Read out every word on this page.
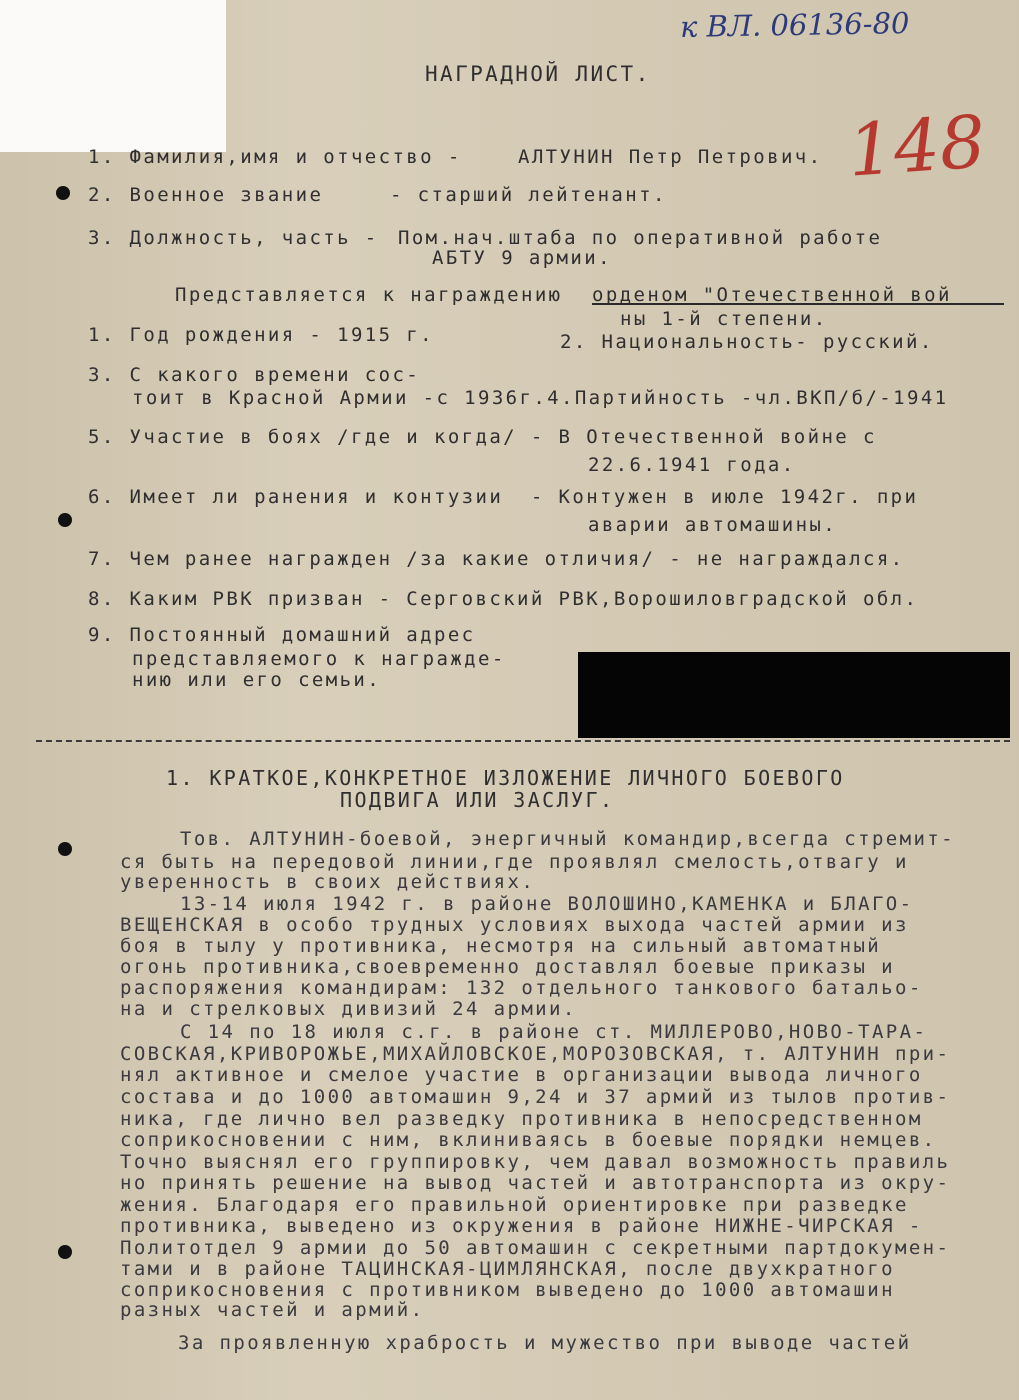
к ВЛ. 06136-80
148
НАГРАДНОЙ ЛИСТ.
1. Фамилия,имя и отчество -	АЛТУНИН Петр Петрович.
2. Военное звание	- старший лейтенант.
3. Должность, часть - Пом.нач.штаба по оперативной работе
АБТУ 9 армии.
Представляется к награждению орденом "Отечественной вой
ны 1-й степени.
1. Год рождения - 1915 г.	2. Национальность- русский.
3. С какого времени сос-
тоит в Красной Армии -с 1936г.4.Партийность -чл.ВКП/б/-1941
5. Участие в боях /где и когда/ - В Отечественной войне с
22.6.1941 года.
6. Имеет ли ранения и контузии  - Контужен в июле 1942г. при
аварии автомашины.
7. Чем ранее награжден /за какие отличия/ - не награждался.
8. Каким РВК призван - Серговский РВК,Ворошиловградской обл.
9. Постоянный домашний адрес
представляемого к награжде-
нию или его семьи.
1. КРАТКОЕ,КОНКРЕТНОЕ ИЗЛОЖЕНИЕ ЛИЧНОГО БОЕВОГО
ПОДВИГА ИЛИ ЗАСЛУГ.
Тов. АЛТУНИН-боевой, энергичный командир,всегда стремит-
ся быть на передовой линии,где проявлял смелость,отвагу и
уверенность в своих действиях.
13-14 июля 1942 г. в районе ВОЛОШИНО,КАМЕНКА и БЛАГО-
ВЕЩЕНСКАЯ в особо трудных условиях выхода частей армии из
боя в тылу у противника, несмотря на сильный автоматный
огонь противника,своевременно доставлял боевые приказы и
распоряжения командирам: 132 отдельного танкового батальо-
на и стрелковых дивизий 24 армии.
С 14 по 18 июля с.г. в районе ст. МИЛЛЕРОВО,НОВО-ТАРА-
СОВСКАЯ,КРИВОРОЖЬЕ,МИХАЙЛОВСКОЕ,МОРОЗОВСКАЯ, т. АЛТУНИН при-
нял активное и смелое участие в организации вывода личного
состава и до 1000 автомашин 9,24 и 37 армий из тылов против-
ника, где лично вел разведку противника в непосредственном
соприкосновении с ним, вклиниваясь в боевые порядки немцев.
Точно выяснял его группировку, чем давал возможность правиль
но принять решение на вывод частей и автотранспорта из окру-
жения. Благодаря его правильной ориентировке при разведке
противника, выведено из окружения в районе НИЖНЕ-ЧИРСКАЯ -
Политотдел 9 армии до 50 автомашин с секретными партдокумен-
тами и в районе ТАЦИНСКАЯ-ЦИМЛЯНСКАЯ, после двухкратного
соприкосновения с противником выведено до 1000 автомашин
разных частей и армий.
За проявленную храбрость и мужество при выводе частей
